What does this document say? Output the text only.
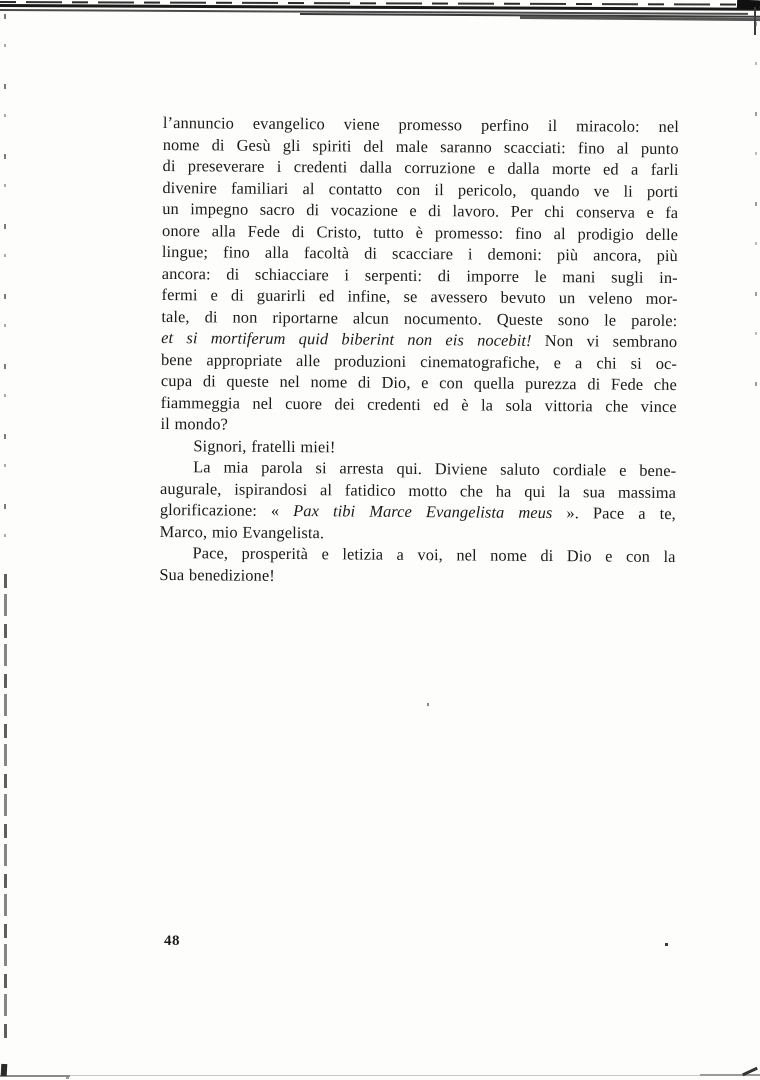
l’annuncio evangelico viene promesso perfino il miracolo: nel
nome di Gesù gli spiriti del male saranno scacciati: fino al punto
di preseverare i credenti dalla corruzione e dalla morte ed a farli
divenire familiari al contatto con il pericolo, quando ve li porti
un impegno sacro di vocazione e di lavoro. Per chi conserva e fa
onore alla Fede di Cristo, tutto è promesso: fino al prodigio delle
lingue; fino alla facoltà di scacciare i demoni: più ancora, più
ancora: di schiacciare i serpenti: di imporre le mani sugli in-
fermi e di guarirli ed infine, se avessero bevuto un veleno mor-
tale, di non riportarne alcun nocumento. Queste sono le parole:
et si mortiferum quid biberint non eis nocebit! Non vi sembrano
bene appropriate alle produzioni cinematografiche, e a chi si oc-
cupa di queste nel nome di Dio, e con quella purezza di Fede che
fiammeggia nel cuore dei credenti ed è la sola vittoria che vince
il mondo?
Signori, fratelli miei!
La mia parola si arresta qui. Diviene saluto cordiale e bene-
augurale, ispirandosi al fatidico motto che ha qui la sua massima
glorificazione: « Pax tibi Marce Evangelista meus ». Pace a te,
Marco, mio Evangelista.
Pace, prosperità e letizia a voi, nel nome di Dio e con la
Sua benedizione!
48
